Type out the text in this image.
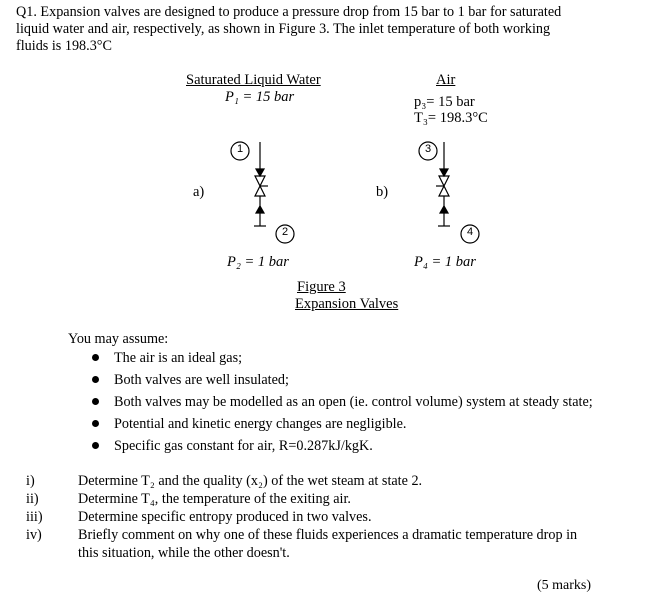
Q1. Expansion valves are designed to produce a pressure drop from 15 bar to 1 bar for saturated
liquid water and air, respectively, as shown in Figure 3. The inlet temperature of both working
fluids is 198.3°C
Saturated Liquid Water
P₁ = 15 bar
Air
p₃= 15 bar
T₃= 198.3°C
a)	b)
1
2
3
4
P₂ = 1 bar	P₄ = 1 bar
Figure 3
Expansion Valves
You may assume:
The air is an ideal gas;
Both valves are well insulated;
Both valves may be modelled as an open (ie. control volume) system at steady state;
Potential and kinetic energy changes are negligible.
Specific gas constant for air, R=0.287kJ/kgK.
i)	Determine T₂ and the quality (x₂) of the wet steam at state 2.
ii)	Determine T₄, the temperature of the exiting air.
iii) Determine specific entropy produced in two valves.
iv)	Briefly comment on why one of these fluids experiences a dramatic temperature drop in
this situation, while the other doesn't.
(5 marks)
